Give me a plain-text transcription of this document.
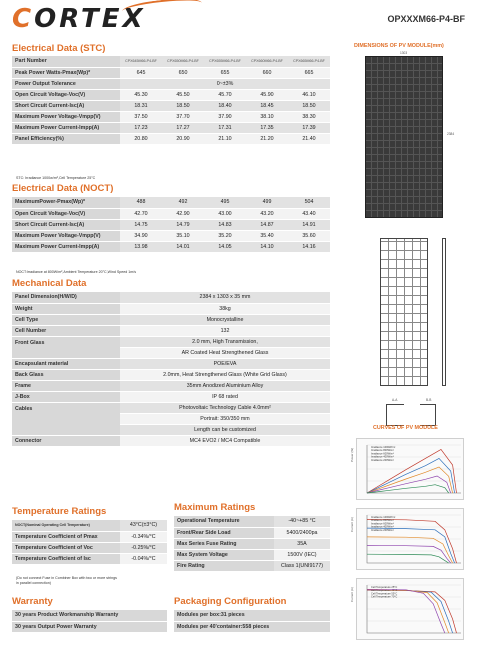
CORTEX	OPXXXM66-P4-BF
Electrical Data (STC)
Part Number	CPX645M66-P4-BF	CPX650M66-P4-BF	CPX655M66-P4-BF	CPX660M66-P4-BF	CPX665M66-P4-BF
Peak Power Watts-Pmax(Wp)*	645	650	655	660	665
Power Output Tolerance	0~±3%				
Open Circuit Voltage-Voc(V)	45.30	45.50	45.70	45.90	46.10
Short Circuit Current-Isc(A)	18.31	18.50	18.40	18.45	18.50
Maximum Power Voltage-Vmpp(V)	37.50	37.70	37.90	38.10	38.30
Maximum Power Current-Impp(A)	17.23	17.27	17.31	17.35	17.39
Panel Efficiency(%)	20.80	20.90	21.10	21.20	21.40
STC: Irradiance 1000w/m²,Cell Temperature 25°C
Electrical Data (NOCT)
MaximumPower-Pmax(Wp)*	488	492	495	499	504
Open Circuit Voltage-Voc(V)	42.70	42.90	43.00	43.20	43.40
Short Circuit Current-Isc(A)	14.75	14.79	14.83	14.87	14.91
Maximum Power Voltage-Vmpp(V)	34.90	35.10	35.20	35.40	35.60
Maximum Power Current-Impp(A)	13.98	14.01	14.05	14.10	14.16
NOCT:Irradiance at 800W/m²,Ambient Temperature 20°C,Wind Speed 1m/s
Mechanical Data
Panel Dimension(H/W/D)	2384 x 1303 x 35 mm
Weight	38kg
Cell Type	Monocrystalline
Cell Number	132
Front Glass	2.0 mm, High Transmission,
	AR Coated Heat Strengthened Glass
Encapsulant material	POE/EVA
Back Glass	2.0mm, Heat Strengthened Glass (White Grid Glass)
Frame	35mm Anodized Aluminium Alloy
J-Box	IP 68 rated
Cables	Photovoltaic Technology Cable 4.0mm²
	Portrait: 350/350 mm
	Length can be customized
Connector	MC4 EVO2 / MC4 Compatible
Temperature Ratings
NOCT(Nominal Operating Cell Temperature)	43°C(±3°C)
Temperature Coefficient of Pmax	-0.34%/°C
Temperature Coefficient of Voc	-0.25%/°C
Temperature Coefficient of Isc	-0.04%/°C
(Do not connect Fuse in Combiner Box with two or more strings
in parallel connection)
Maximum Ratings
Operational Temperature	-40~+85 °C
Front/Rear Side Load	5400/2400pa
Max Series Fuse Rating	35A
Max System Voltage	1500V (IEC)
Fire Rating	Class 1(UNI9177)
Warranty
30 years Product Workmanship Warranty
30 years Output Power Warranty
Packaging Configuration
Modules per box:31 pieces
Modules per 40'container:558 pieces
DIMENSIONS OF PV MODULE(mm)
1303
2384
A-A	B-B
CURVES OF PV MODULE
Irradiance 1000W/m²
Irradiance 800W/m²
Irradiance 600W/m²
Irradiance 400W/m²
Irradiance 200W/m²
Power (W)
Irradiance 1000W/m²
Irradiance 800W/m²
Irradiance 600W/m²
Irradiance 400W/m²
Irradiance 200W/m²
Current (A)
Cell Temperature 25°C
Cell Temperature 40°C
Cell Temperature 55°C
Cell Temperature 70°C
Current (A)
